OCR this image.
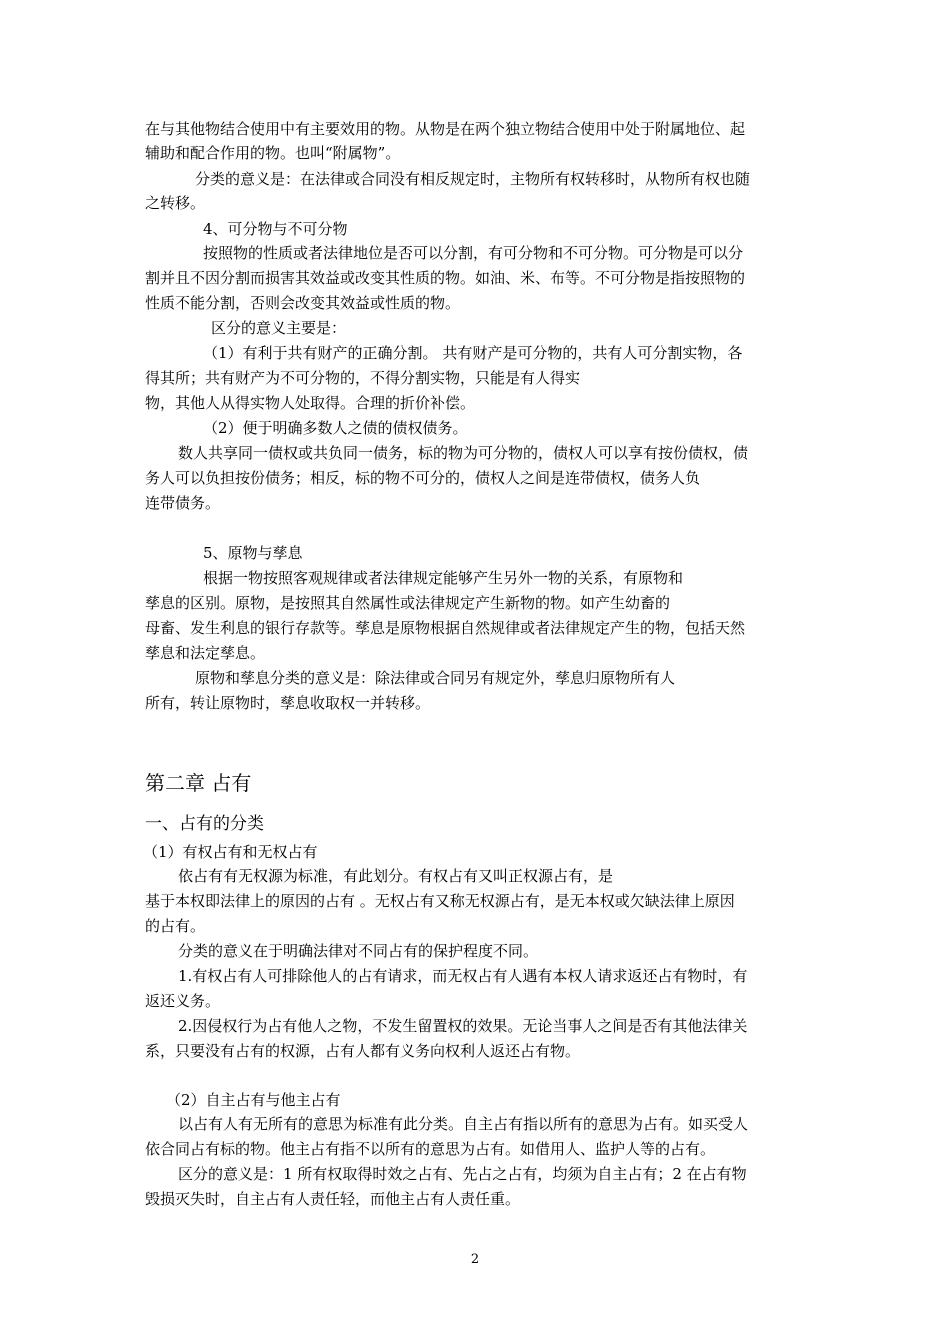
在与其他物结合使用中有主要效用的物。从物是在两个独立物结合使用中处于附属地位、起

辅助和配合作用的物。也叫“附属物”。

分类的意义是：在法律或合同没有相反规定时，主物所有权转移时，从物所有权也随

之转移。

4、可分物与不可分物

按照物的性质或者法律地位是否可以分割，有可分物和不可分物。可分物是可以分

割并且不因分割而损害其效益或改变其性质的物。如油、米、布等。不可分物是指按照物的

性质不能分割，否则会改变其效益或性质的物。

区分的意义主要是：

（1）有利于共有财产的正确分割。 共有财产是可分物的，共有人可分割实物，各

得其所；共有财产为不可分物的，不得分割实物，只能是有人得实

物，其他人从得实物人处取得。合理的折价补偿。

（2）便于明确多数人之债的债权债务。

数人共享同一债权或共负同一债务，标的物为可分物的，债权人可以享有按份债权，债

务人可以负担按份债务；相反，标的物不可分的，债权人之间是连带债权，债务人负

连带债务。

5、原物与孳息

根据一物按照客观规律或者法律规定能够产生另外一物的关系，有原物和

孳息的区别。原物，是按照其自然属性或法律规定产生新物的物。如产生幼畜的

母畜、发生利息的银行存款等。孳息是原物根据自然规律或者法律规定产生的物，包括天然

孳息和法定孳息。

原物和孳息分类的意义是：除法律或合同另有规定外，孳息归原物所有人

所有，转让原物时，孳息收取权一并转移。

第二章 占有

一、占有的分类

（1）有权占有和无权占有

依占有有无权源为标准，有此划分。有权占有又叫正权源占有，是

基于本权即法律上的原因的占有 。无权占有又称无权源占有，是无本权或欠缺法律上原因

的占有。

分类的意义在于明确法律对不同占有的保护程度不同。

1.有权占有人可排除他人的占有请求，而无权占有人遇有本权人请求返还占有物时，有

返还义务。

2.因侵权行为占有他人之物，不发生留置权的效果。无论当事人之间是否有其他法律关

系，只要没有占有的权源，占有人都有义务向权利人返还占有物。

（2）自主占有与他主占有

以占有人有无所有的意思为标准有此分类。自主占有指以所有的意思为占有。如买受人

依合同占有标的物。他主占有指不以所有的意思为占有。如借用人、监护人等的占有。

区分的意义是：1 所有权取得时效之占有、先占之占有，均须为自主占有；2 在占有物

毁损灭失时，自主占有人责任轻，而他主占有人责任重。

2
